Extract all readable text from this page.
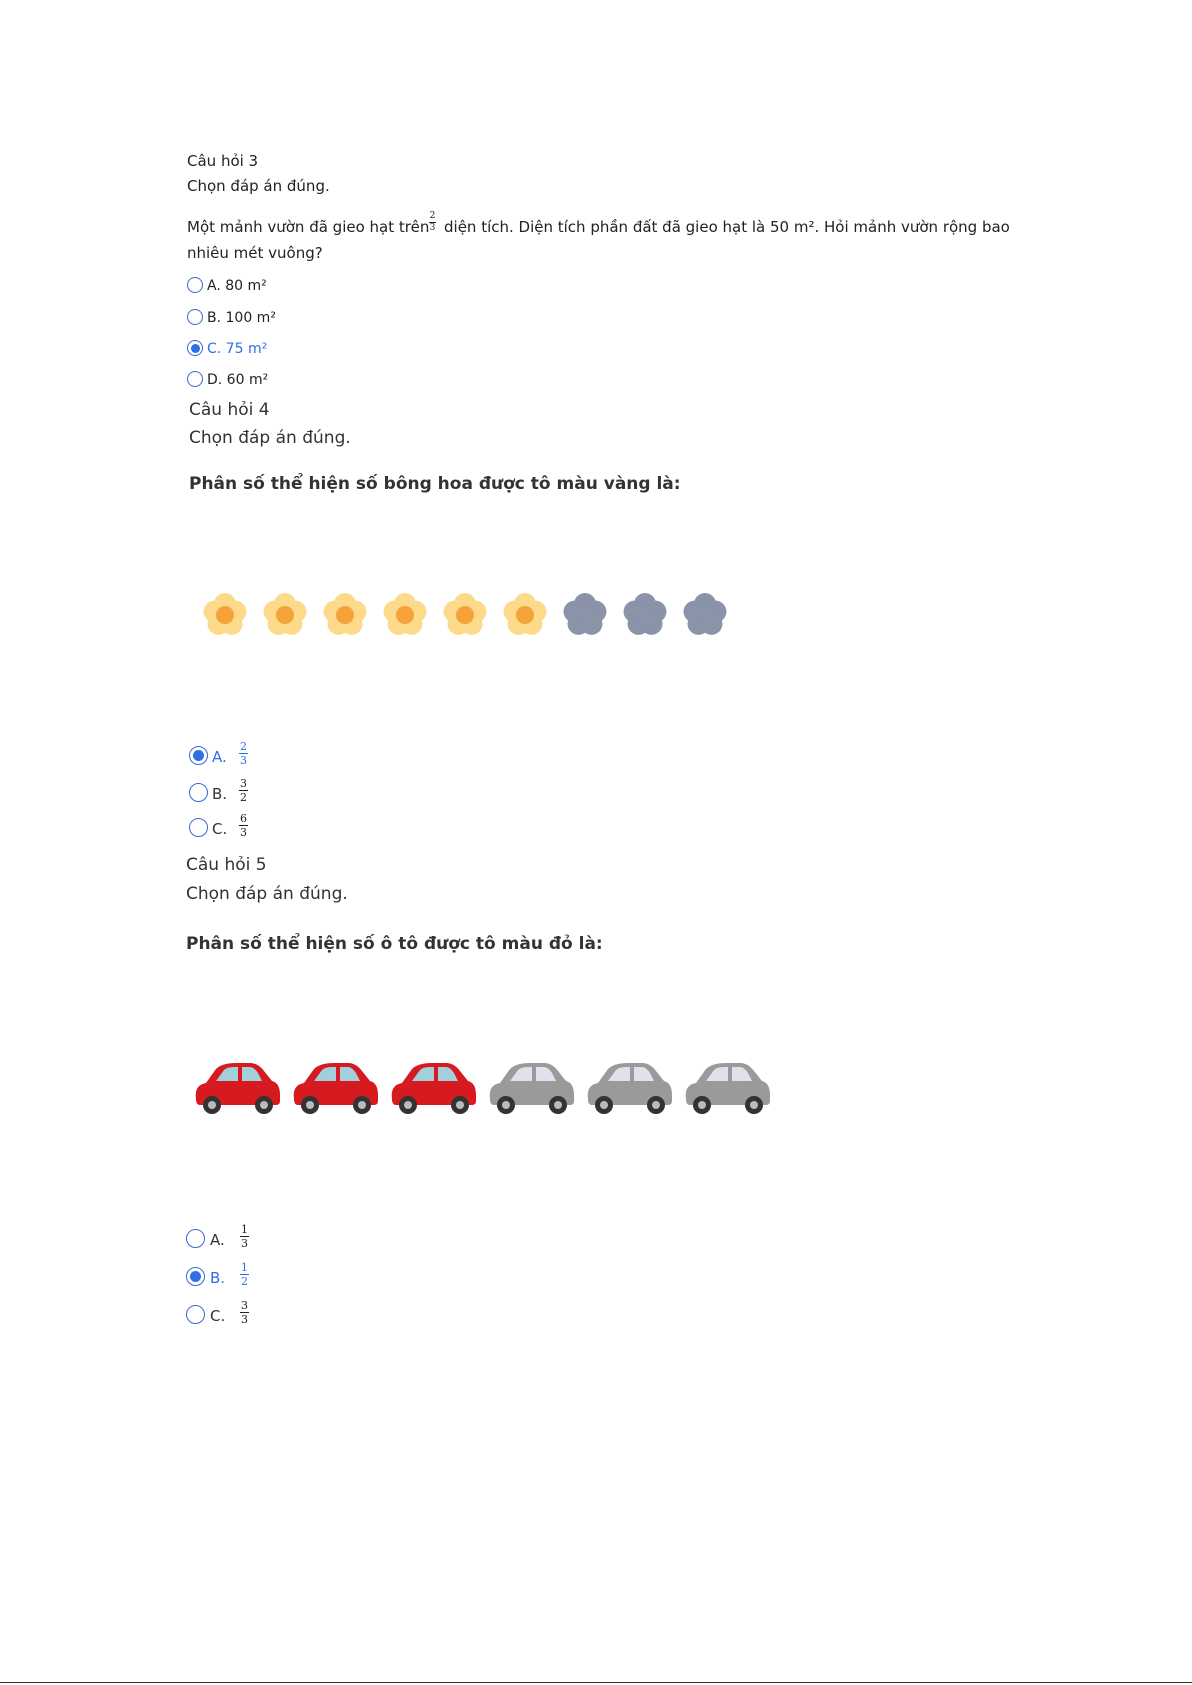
Câu hỏi 3
Chọn đáp án đúng.
Một mảnh vườn đã gieo hạt trên
2
3 diện tích. Diện tích phần đất đã gieo hạt là 50 m². Hỏi mảnh vườn rộng bao
nhiêu mét vuông?
A. 80 m²
B. 100 m²
C. 75 m²
D. 60 m²
Câu hỏi 4
Chọn đáp án đúng.
Phân số thể hiện số bông hoa được tô màu vàng là:
A.
2
3
B.
3
2
C.
6
3
Câu hỏi 5
Chọn đáp án đúng.
Phân số thể hiện số ô tô được tô màu đỏ là:
A.
1
3
B.
1
2
C.
3
3
